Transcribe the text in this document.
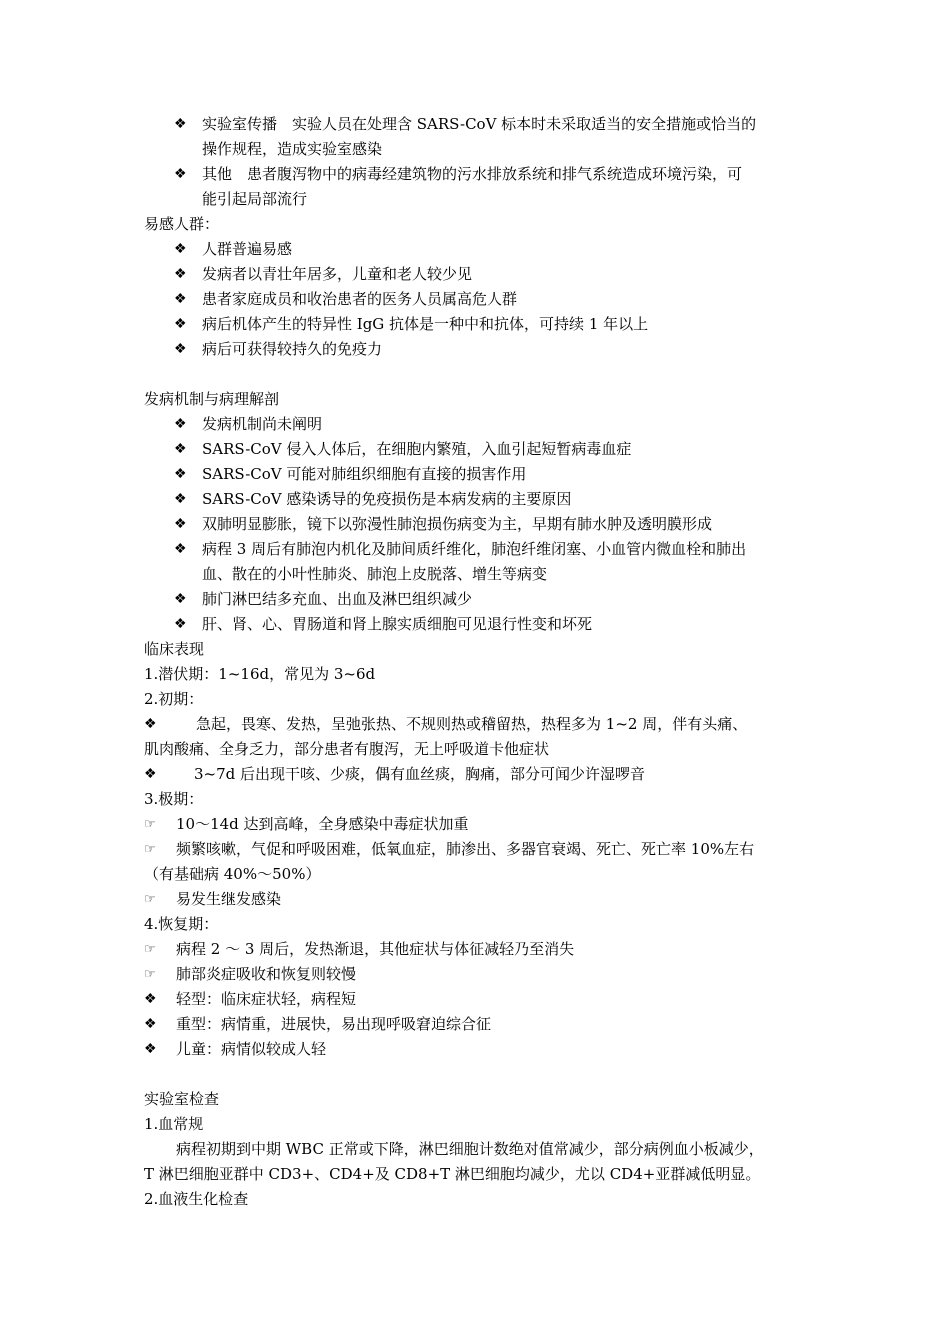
❖	实验室传播　实验人员在处理含 SARS-CoV 标本时未采取适当的安全措施或恰当的
操作规程，造成实验室感染
❖	其他　患者腹泻物中的病毒经建筑物的污水排放系统和排气系统造成环境污染，可
能引起局部流行
易感人群：
❖	人群普遍易感
❖	发病者以青壮年居多，儿童和老人较少见
❖	患者家庭成员和收治患者的医务人员属高危人群
❖	病后机体产生的特异性 IgG 抗体是一种中和抗体，可持续 1 年以上
❖	病后可获得较持久的免疫力
发病机制与病理解剖
❖	发病机制尚未阐明
❖	SARS-CoV 侵入人体后，在细胞内繁殖，入血引起短暂病毒血症
❖	SARS-CoV 可能对肺组织细胞有直接的损害作用
❖	SARS-CoV 感染诱导的免疫损伤是本病发病的主要原因
❖	双肺明显膨胀，镜下以弥漫性肺泡损伤病变为主，早期有肺水肿及透明膜形成
❖	病程 3 周后有肺泡内机化及肺间质纤维化，肺泡纤维闭塞、小血管内微血栓和肺出
血、散在的小叶性肺炎、肺泡上皮脱落、增生等病变
❖	肺门淋巴结多充血、出血及淋巴组织减少
❖	肝、肾、心、胃肠道和肾上腺实质细胞可见退行性变和坏死
临床表现
1.潜伏期：1~16d，常见为 3~6d
2.初期：
❖	急起，畏寒、发热，呈弛张热、不规则热或稽留热，热程多为 1~2 周，伴有头痛、
肌肉酸痛、全身乏力，部分患者有腹泻，无上呼吸道卡他症状
❖	3~7d 后出现干咳、少痰，偶有血丝痰，胸痛，部分可闻少许湿啰音
3.极期：
☞	10～14d 达到高峰，全身感染中毒症状加重
☞	频繁咳嗽，气促和呼吸困难，低氧血症，肺渗出、多器官衰竭、死亡、死亡率 10%左右
（有基础病 40%～50%）
☞	易发生继发感染
4.恢复期：
☞	病程 2 ～ 3 周后，发热渐退，其他症状与体征减轻乃至消失
☞	肺部炎症吸收和恢复则较慢
❖	轻型：临床症状轻，病程短
❖	重型：病情重，进展快，易出现呼吸窘迫综合征
❖	儿童：病情似较成人轻
实验室检查
1.血常规
病程初期到中期 WBC 正常或下降，淋巴细胞计数绝对值常减少，部分病例血小板减少，
T 淋巴细胞亚群中 CD3+、CD4+及 CD8+T 淋巴细胞均减少，尤以 CD4+亚群减低明显。
2.血液生化检查
